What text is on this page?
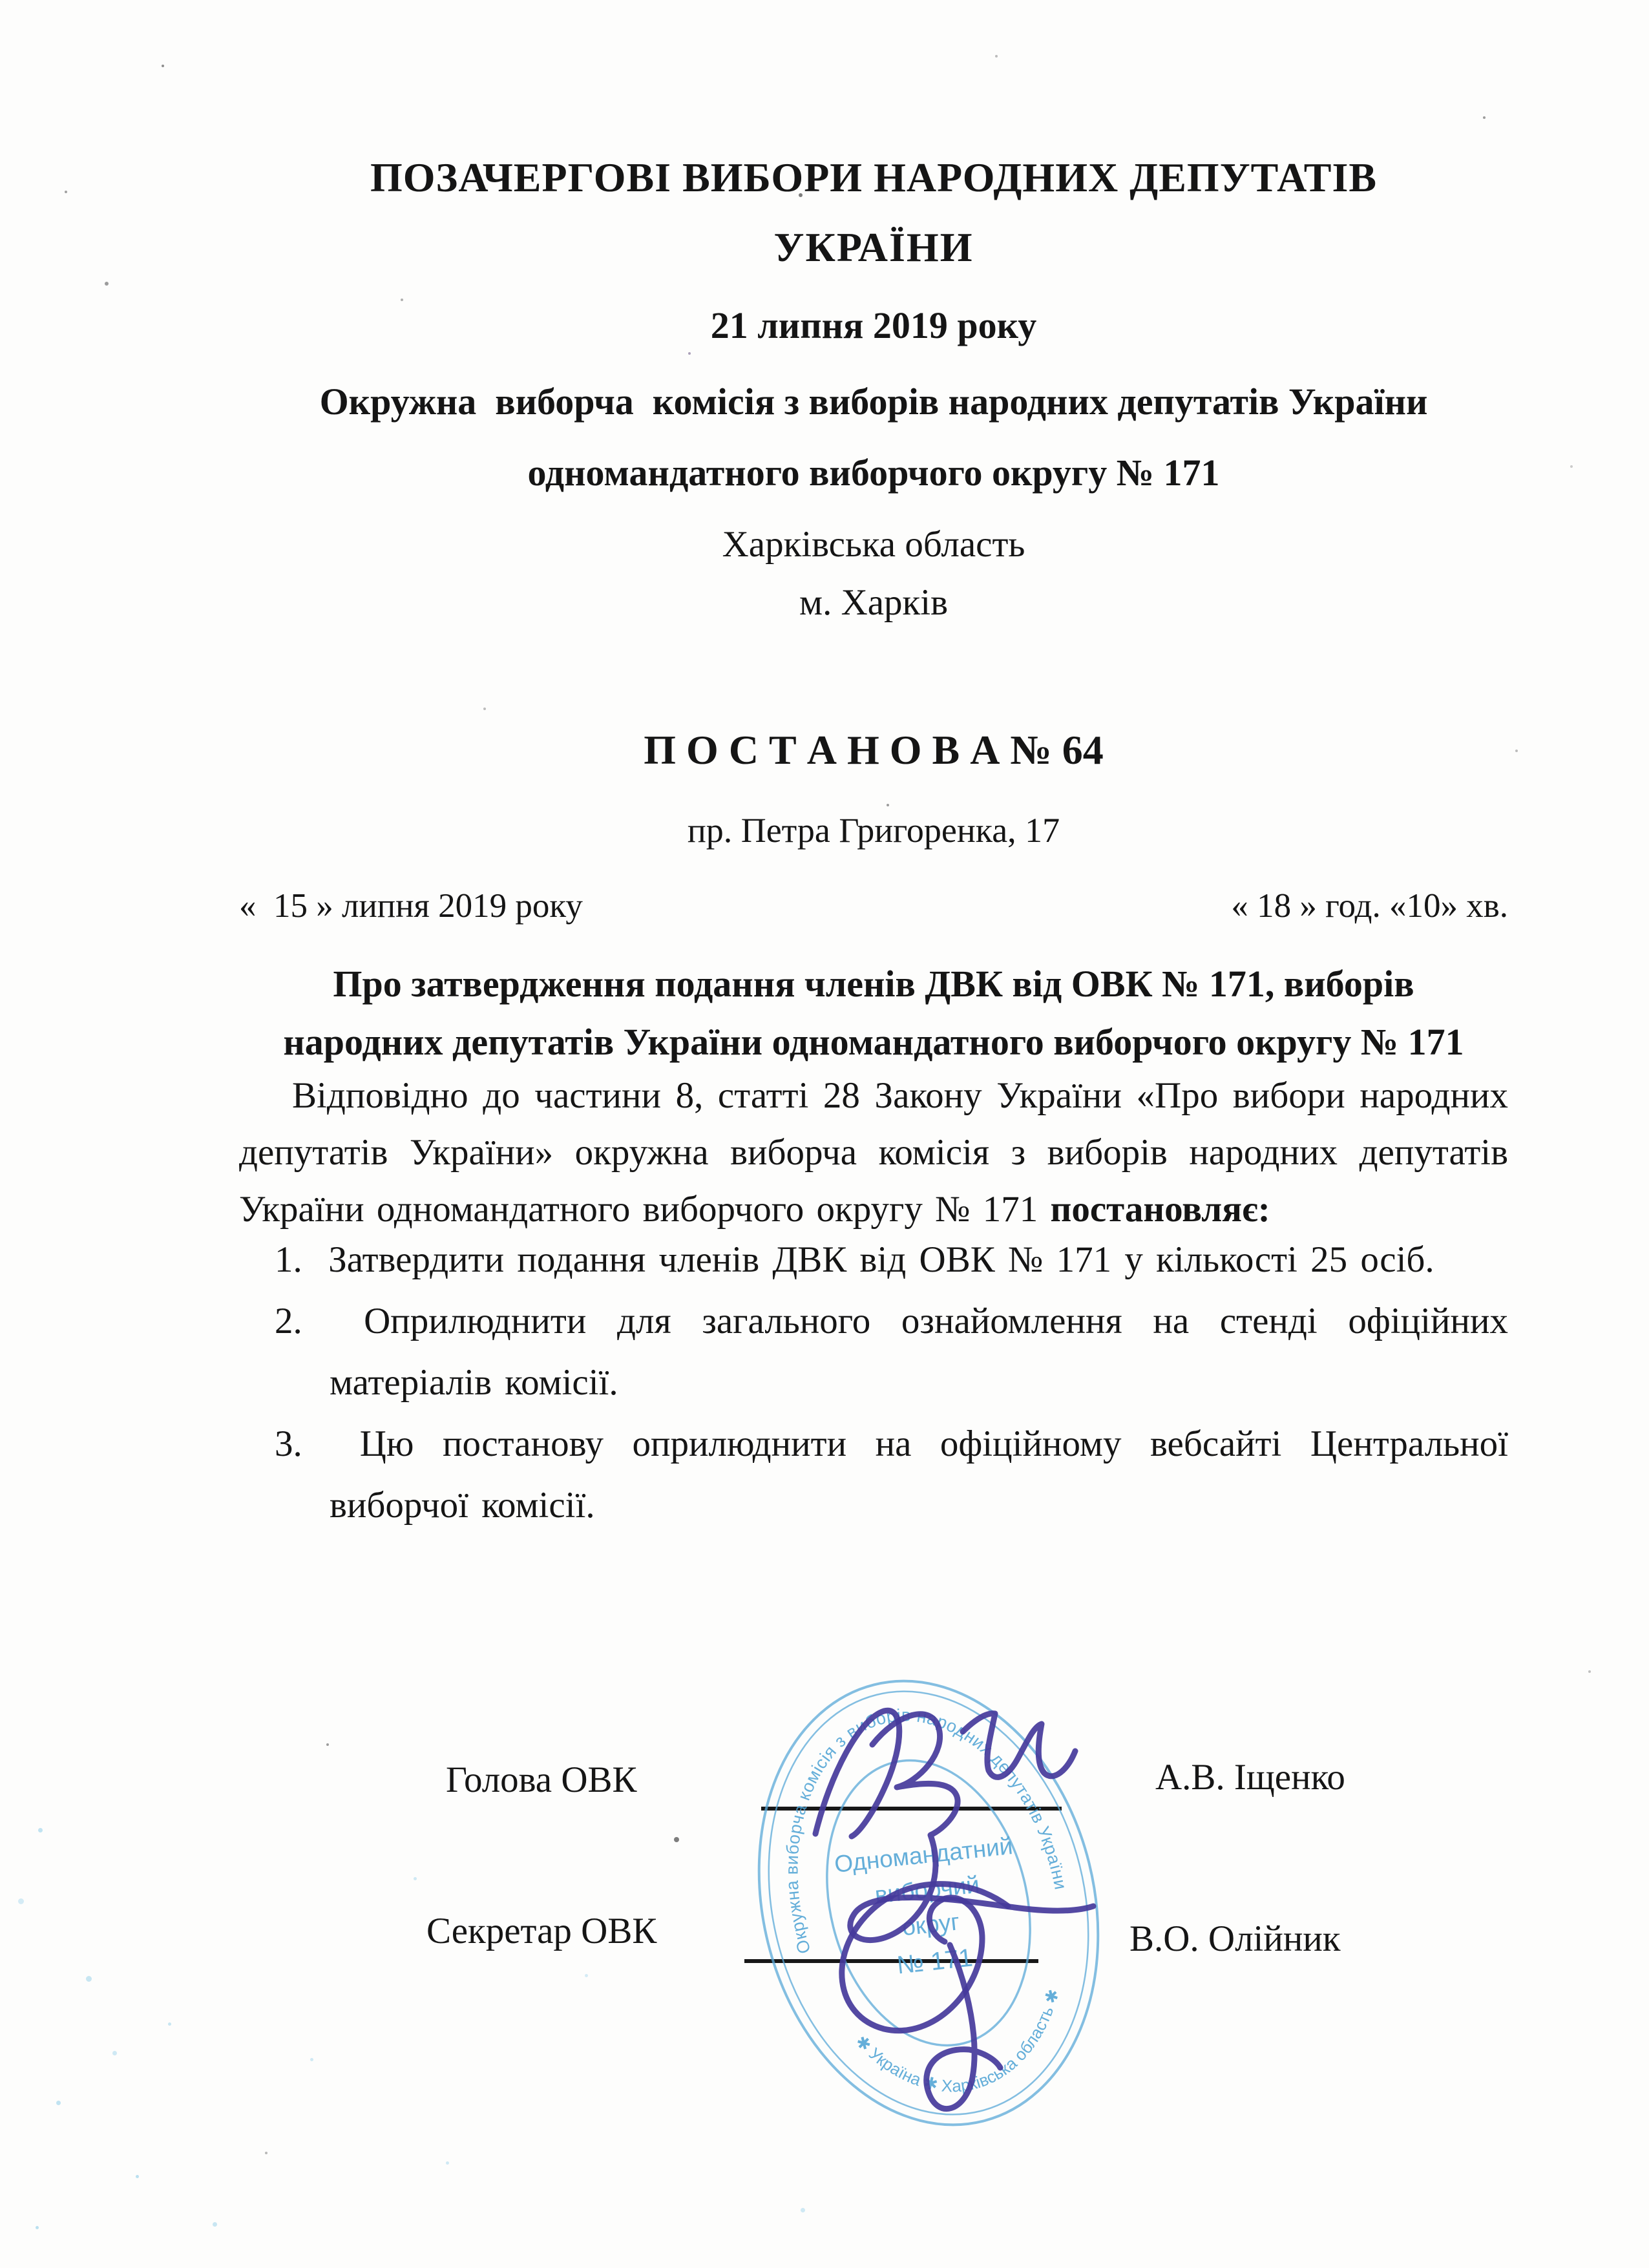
ПОЗАЧЕРГОВІ ВИБОРИ НАРОДНИХ ДЕПУТАТІВ
УКРАЇНИ
21 липня 2019 року
Окружна  виборча  комісія з виборів народних депутатів України
одномандатного виборчого округу № 171
Харківська область
м. Харків
П О С Т А Н О В А № 64
пр. Петра Григоренка, 17
«  15 » липня 2019 року	« 18 » год. «10» хв.
Про затвердження подання членів ДВК від ОВК № 171, виборів
народних депутатів України одномандатного виборчого округу № 171

Відповідно до частини 8, статті 28 Закону України «Про вибори народних депутатів України» окружна виборча комісія з виборів народних депутатів України одномандатного виборчого округу № 171 постановляє:

Затвердити подання членів ДВК від ОВК № 171 у кількості 25 осіб.
Оприлюднити для загального ознайомлення на стенді офіційних матеріалів комісії.
Цю постанову оприлюднити на офіційному вебсайті Центральної виборчої комісії.
Голова ОВК	А.В. Іщенко
Секретар ОВК	В.О. Олійник
Окружна виборча комісія з виборів народних депутатів України
✱ Україна ✱ Харківська область ✱
Одномандатний
виборчий
округ
№ 171
